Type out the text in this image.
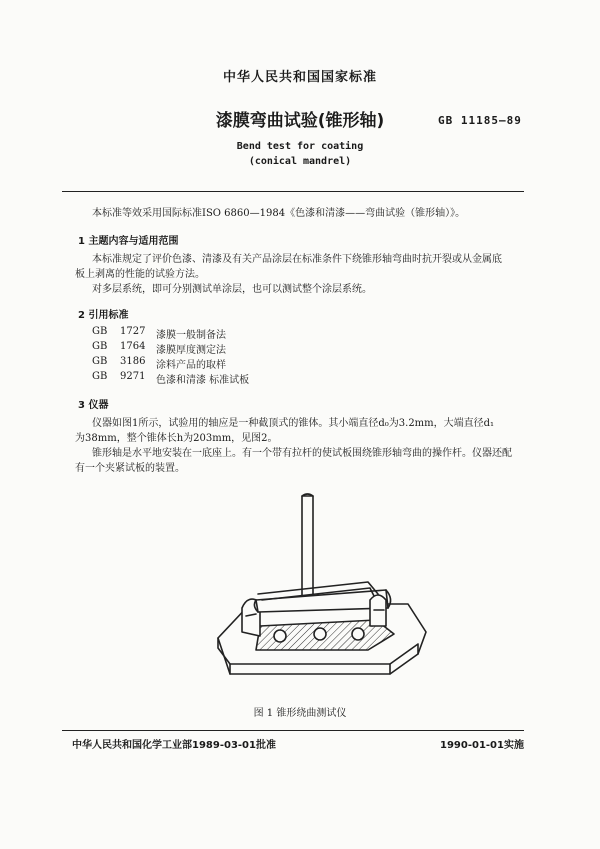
中华人民共和国国家标准
漆膜弯曲试验(锥形轴)	GB 11185—89
Bend test for coating
(conical mandrel)
本标准等效采用国际标准ISO 6860—1984《色漆和清漆——弯曲试验（锥形轴）》。
1 主题内容与适用范围
本标准规定了评价色漆、清漆及有关产品涂层在标准条件下绕锥形轴弯曲时抗开裂或从金属底
板上剥离的性能的试验方法。
对多层系统，即可分别测试单涂层，也可以测试整个涂层系统。
2 引用标准
GB 1727 漆膜一般制备法
GB 1764 漆膜厚度测定法
GB 3186 涂料产品的取样
GB 9271 色漆和清漆 标准试板
3 仪器
仪器如图1所示，试验用的轴应是一种截顶式的锥体。其小端直径d₀为3.2mm，大端直径d₁
为38mm，整个锥体长h为203mm，见图2。
锥形轴是水平地安装在一底座上。有一个带有拉杆的使试板围绕锥形轴弯曲的操作杆。仪器还配
有一个夹紧试板的装置。
图 1 锥形绕曲测试仪
中华人民共和国化学工业部1989-03-01批准	1990-01-01实施
